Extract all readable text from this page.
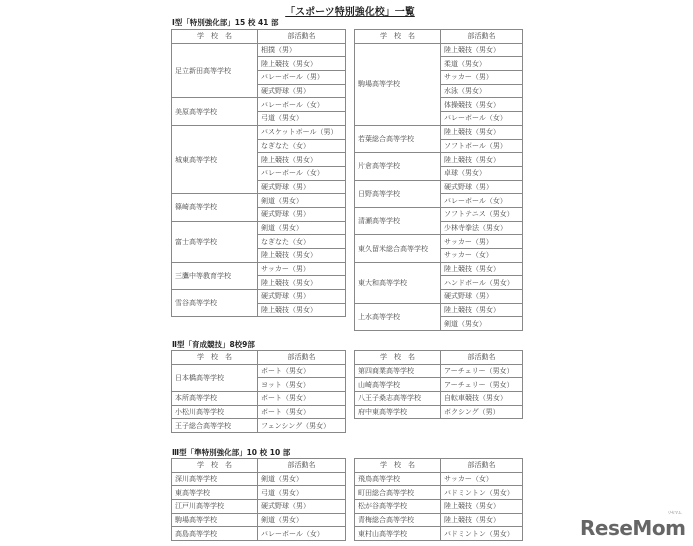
「スポーツ特別強化校」一覧
Ⅰ型「特別強化部」15 校 41 部
学　校　名	部活動名
足立新田高等学校	相撲（男）
	陸上競技（男女）
	バレーボール（男）
	硬式野球（男）
美原高等学校	バレーボール（女）
	弓道（男女）
城東高等学校	バスケットボール（男）
	なぎなた（女）
	陸上競技（男女）
	バレーボール（女）
	硬式野球（男）
篠崎高等学校	剣道（男女）
	硬式野球（男）
富士高等学校	剣道（男女）
	なぎなた（女）
	陸上競技（男女）
三鷹中等教育学校	サッカー（男）
	陸上競技（男女）
雪谷高等学校	硬式野球（男）
	陸上競技（男女）
学　校　名	部活動名
駒場高等学校	陸上競技（男女）
	柔道（男女）
	サッカー（男）
	水泳（男女）
	体操競技（男女）
	バレーボール（女）
若葉総合高等学校	陸上競技（男女）
	ソフトボール（男）
片倉高等学校	陸上競技（男女）
	卓球（男女）
日野高等学校	硬式野球（男）
	バレーボール（女）
清瀬高等学校	ソフトテニス（男女）
	少林寺拳法（男女）
東久留米総合高等学校	サッカー（男）
	サッカー（女）
東大和高等学校	陸上競技（男女）
	ハンドボール（男女）
	硬式野球（男）
上水高等学校	陸上競技（男女）
	剣道（男女）
Ⅱ型「育成競技」8校9部
学　校　名	部活動名
日本橋高等学校	ボート（男女）
	ヨット（男女）
本所高等学校	ボート（男女）
小松川高等学校	ボート（男女）
王子総合高等学校	フェンシング（男女）
学　校　名	部活動名
第四商業高等学校	アーチェリー（男女）
山崎高等学校	アーチェリー（男女）
八王子桑志高等学校	自転車競技（男女）
府中東高等学校	ボクシング（男）
Ⅲ型「準特別強化部」10 校 10 部
学　校　名	部活動名
深川高等学校	剣道（男女）
東高等学校	弓道（男女）
江戸川高等学校	硬式野球（男）
駒場高等学校	剣道（男女）
高島高等学校	バレーボール（女）
学　校　名	部活動名
飛鳥高等学校	サッカー（女）
町田総合高等学校	バドミントン（男女）
松が谷高等学校	陸上競技（男女）
青梅総合高等学校	陸上競技（男女）
東村山高等学校	バドミントン（男女）	ReseMom
リセマム
